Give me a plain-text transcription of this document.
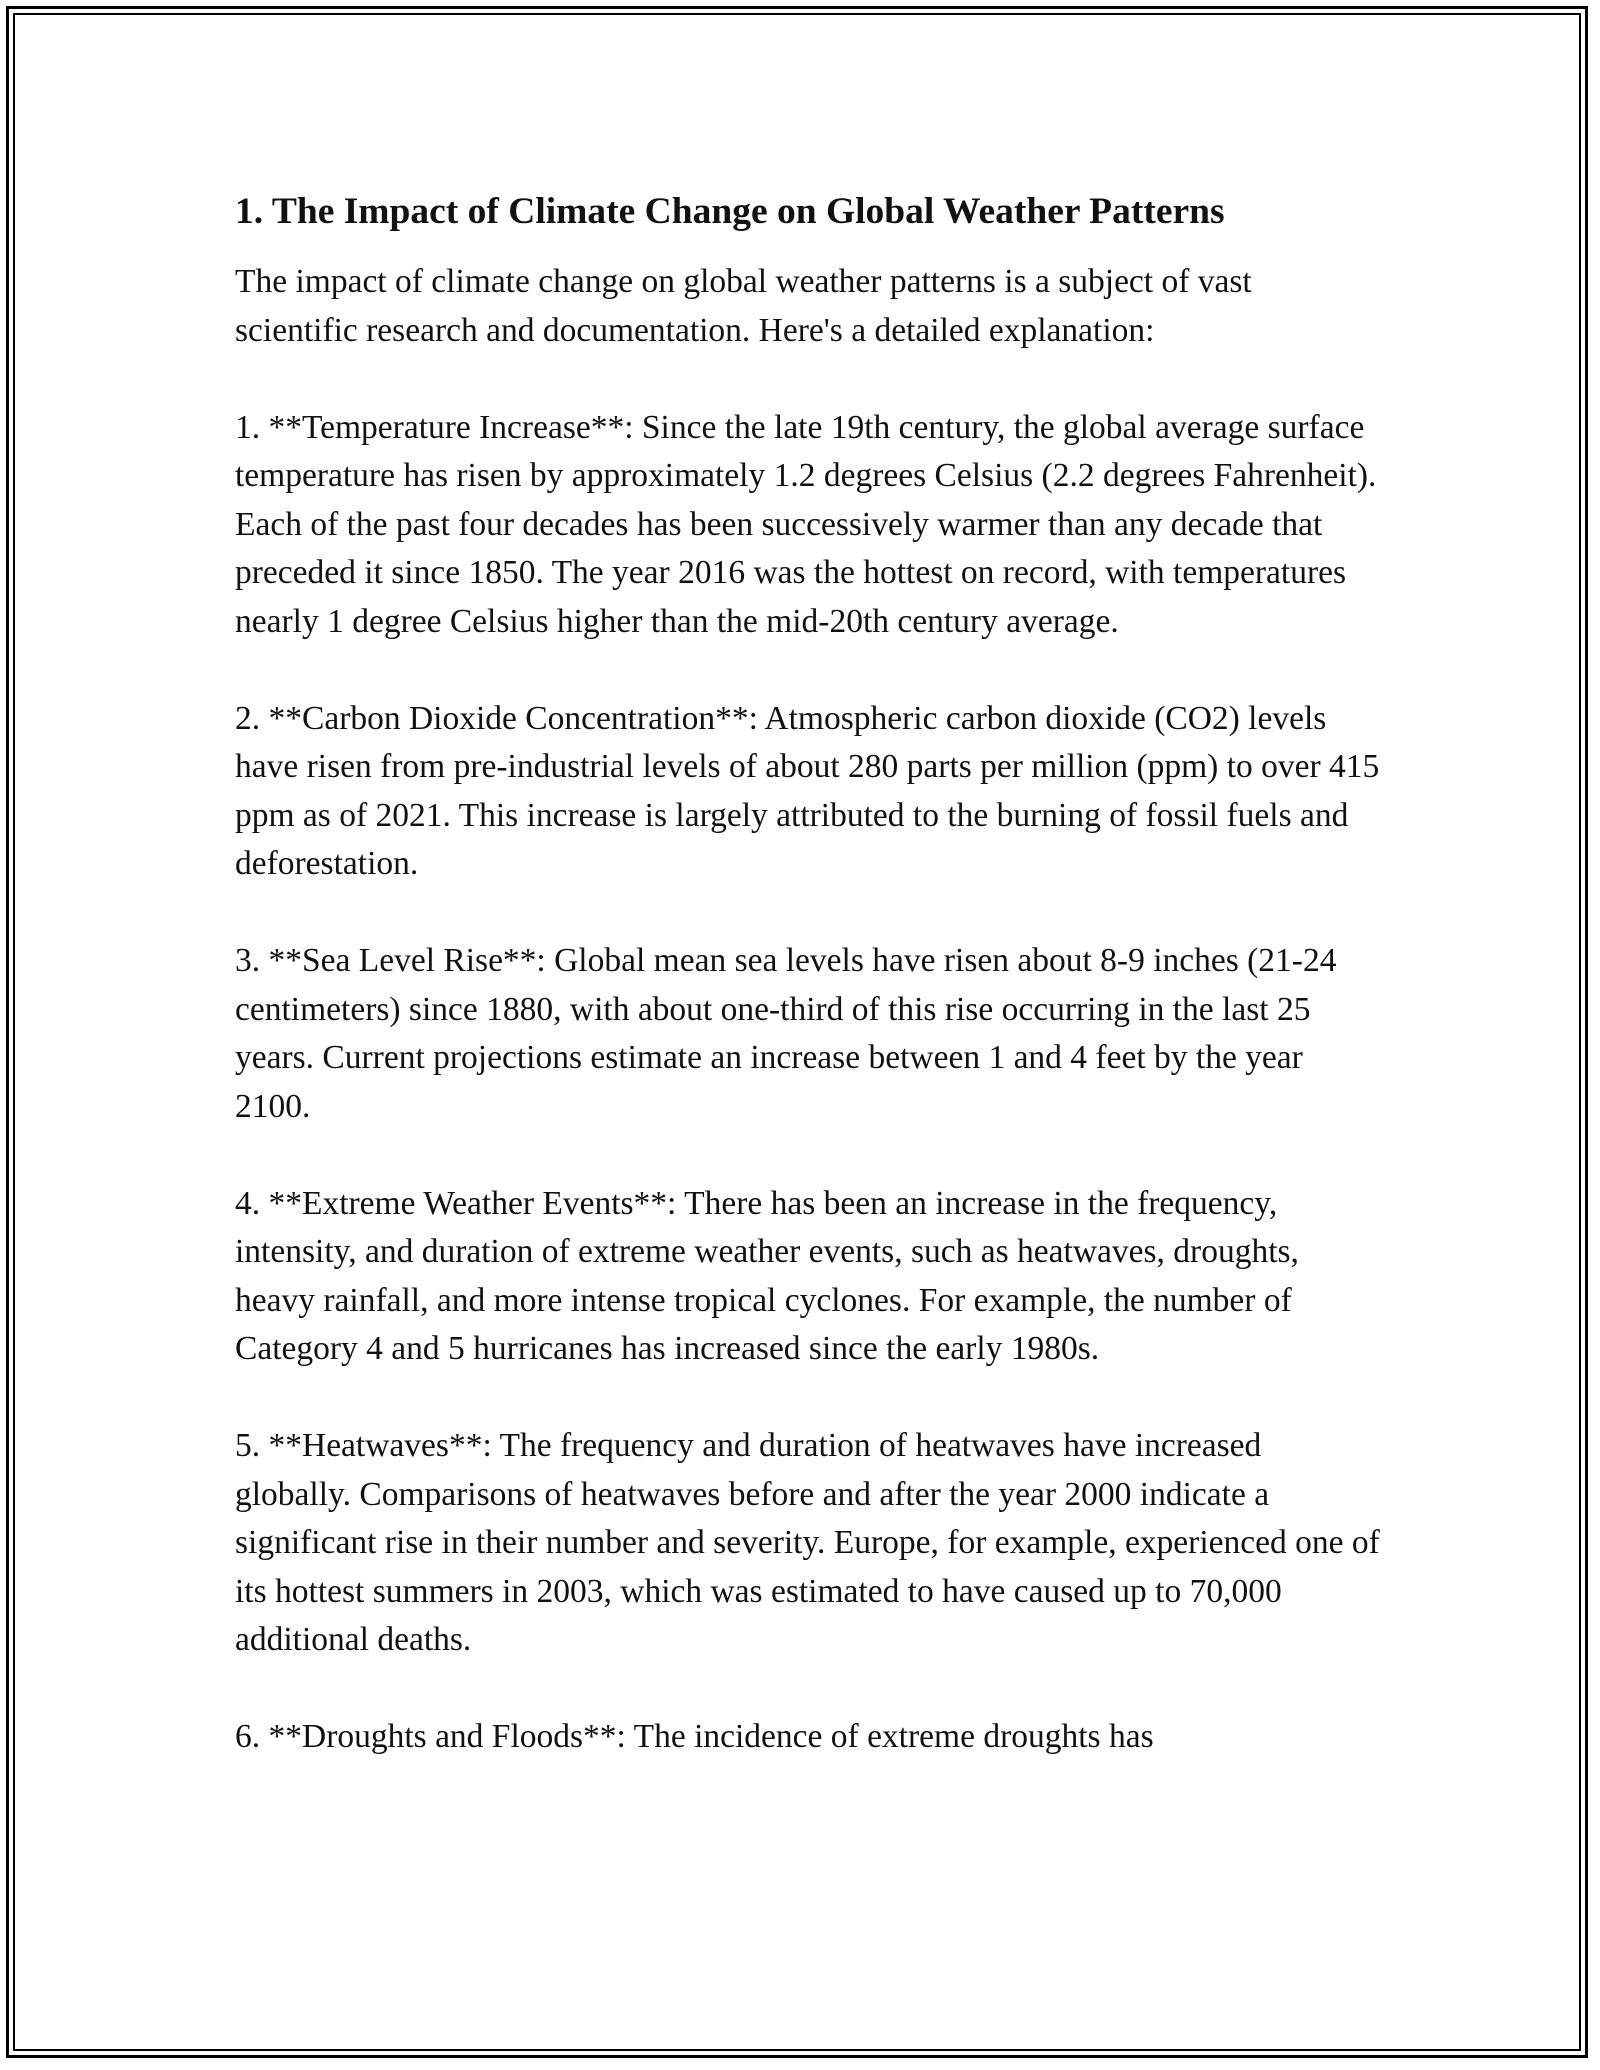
1. The Impact of Climate Change on Global Weather Patterns

The impact of climate change on global weather patterns is a subject of vast scientific research and documentation. Here's a detailed explanation:

1. **Temperature Increase**: Since the late 19th century, the global average surface temperature has risen by approximately 1.2 degrees Celsius (2.2 degrees Fahrenheit). Each of the past four decades has been successively warmer than any decade that preceded it since 1850. The year 2016 was the hottest on record, with temperatures nearly 1 degree Celsius higher than the mid-20th century average.

2. **Carbon Dioxide Concentration**: Atmospheric carbon dioxide (CO2) levels have risen from pre-industrial levels of about 280 parts per million (ppm) to over 415 ppm as of 2021. This increase is largely attributed to the burning of fossil fuels and deforestation.

3. **Sea Level Rise**: Global mean sea levels have risen about 8-9 inches (21-24 centimeters) since 1880, with about one-third of this rise occurring in the last 25 years. Current projections estimate an increase between 1 and 4 feet by the year 2100.

4. **Extreme Weather Events**: There has been an increase in the frequency, intensity, and duration of extreme weather events, such as heatwaves, droughts, heavy rainfall, and more intense tropical cyclones. For example, the number of Category 4 and 5 hurricanes has increased since the early 1980s.

5. **Heatwaves**: The frequency and duration of heatwaves have increased globally. Comparisons of heatwaves before and after the year 2000 indicate a significant rise in their number and severity. Europe, for example, experienced one of its hottest summers in 2003, which was estimated to have caused up to 70,000 additional deaths.

6. **Droughts and Floods**: The incidence of extreme droughts has
